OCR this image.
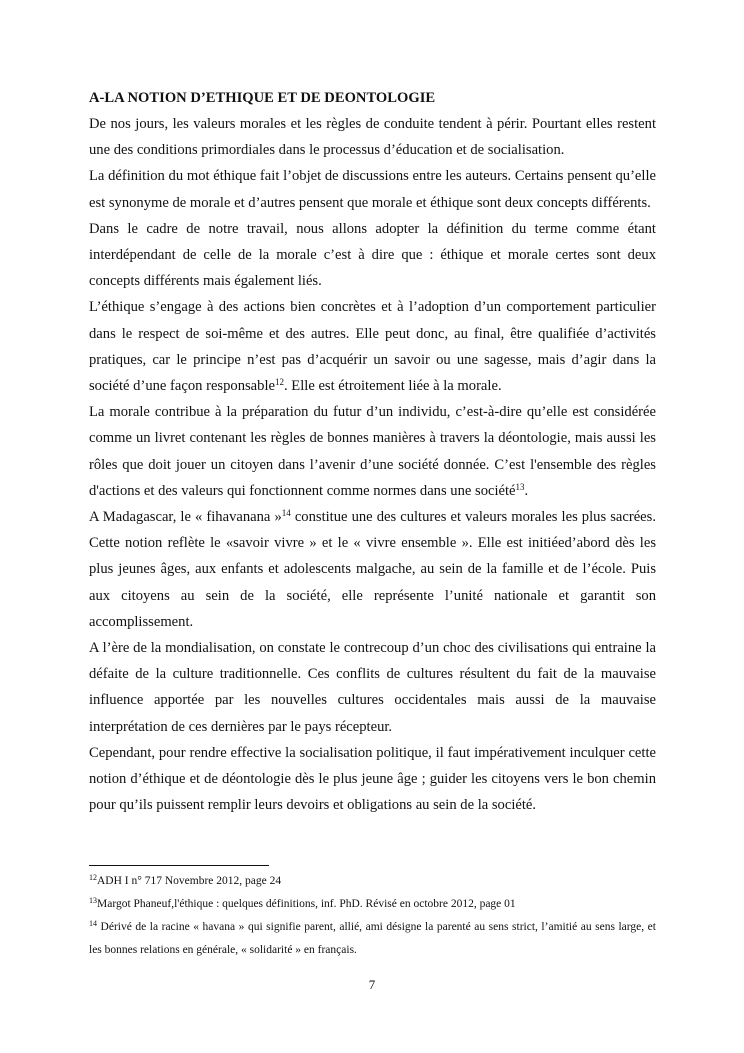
A-LA NOTION D’ETHIQUE ET DE DEONTOLOGIE

De nos jours, les valeurs morales et les règles de conduite tendent à périr. Pourtant elles restent une des conditions primordiales dans le processus d’éducation et de socialisation.

La définition du mot éthique fait l’objet de discussions entre les auteurs. Certains pensent qu’elle est synonyme de morale et d’autres pensent que morale et éthique sont deux concepts différents.

Dans le cadre de notre travail, nous allons adopter la définition du terme comme étant interdépendant de celle de la morale c’est à dire que : éthique et morale certes sont deux concepts différents mais également liés.

L’éthique s’engage à des actions bien concrètes et à l’adoption d’un comportement particulier dans le respect de soi-même et des autres. Elle peut donc, au final, être qualifiée d’activités pratiques, car le principe n’est pas d’acquérir un savoir ou une sagesse, mais d’agir dans la société d’une façon responsable$^{12}$. Elle est étroitement liée à la morale.

La morale contribue à la préparation du futur d’un individu, c’est-à-dire qu’elle est considérée comme un livret contenant les règles de bonnes manières à travers la déontologie, mais aussi les rôles que doit jouer un citoyen dans l’avenir d’une société donnée. C’est l'ensemble des règles d'actions et des valeurs qui fonctionnent comme normes dans une société$^{13}$.

A Madagascar, le « fihavanana »$^{14}$ constitue une des cultures et valeurs morales les plus sacrées. Cette notion reflète le «savoir vivre » et le « vivre ensemble ». Elle est initiéed’abord dès les plus jeunes âges, aux enfants et adolescents malgache, au sein de la famille et de l’école. Puis aux citoyens au sein de la société, elle représente l’unité nationale et garantit son accomplissement.

A l’ère de la mondialisation, on constate le contrecoup d’un choc des civilisations qui entraine la défaite de la culture traditionnelle. Ces conflits de cultures résultent du fait de la mauvaise influence apportée par les nouvelles cultures occidentales mais aussi de la mauvaise interprétation de ces dernières par le pays récepteur.

Cependant, pour rendre effective la socialisation politique, il faut impérativement inculquer cette notion d’éthique et de déontologie dès le plus jeune âge ; guider les citoyens vers le bon chemin pour qu’ils puissent remplir leurs devoirs et obligations au sein de la société.

$^{12}$ADH I n° 717 Novembre 2012, page 24

$^{13}$Margot Phaneuf,l'éthique : quelques définitions, inf. PhD. Révisé en octobre 2012, page 01

$^{14}$ Dérivé de la racine « havana » qui signifie parent, allié, ami désigne la parenté au sens strict, l’amitié au sens large, et les bonnes relations en générale, « solidarité » en français.

7
